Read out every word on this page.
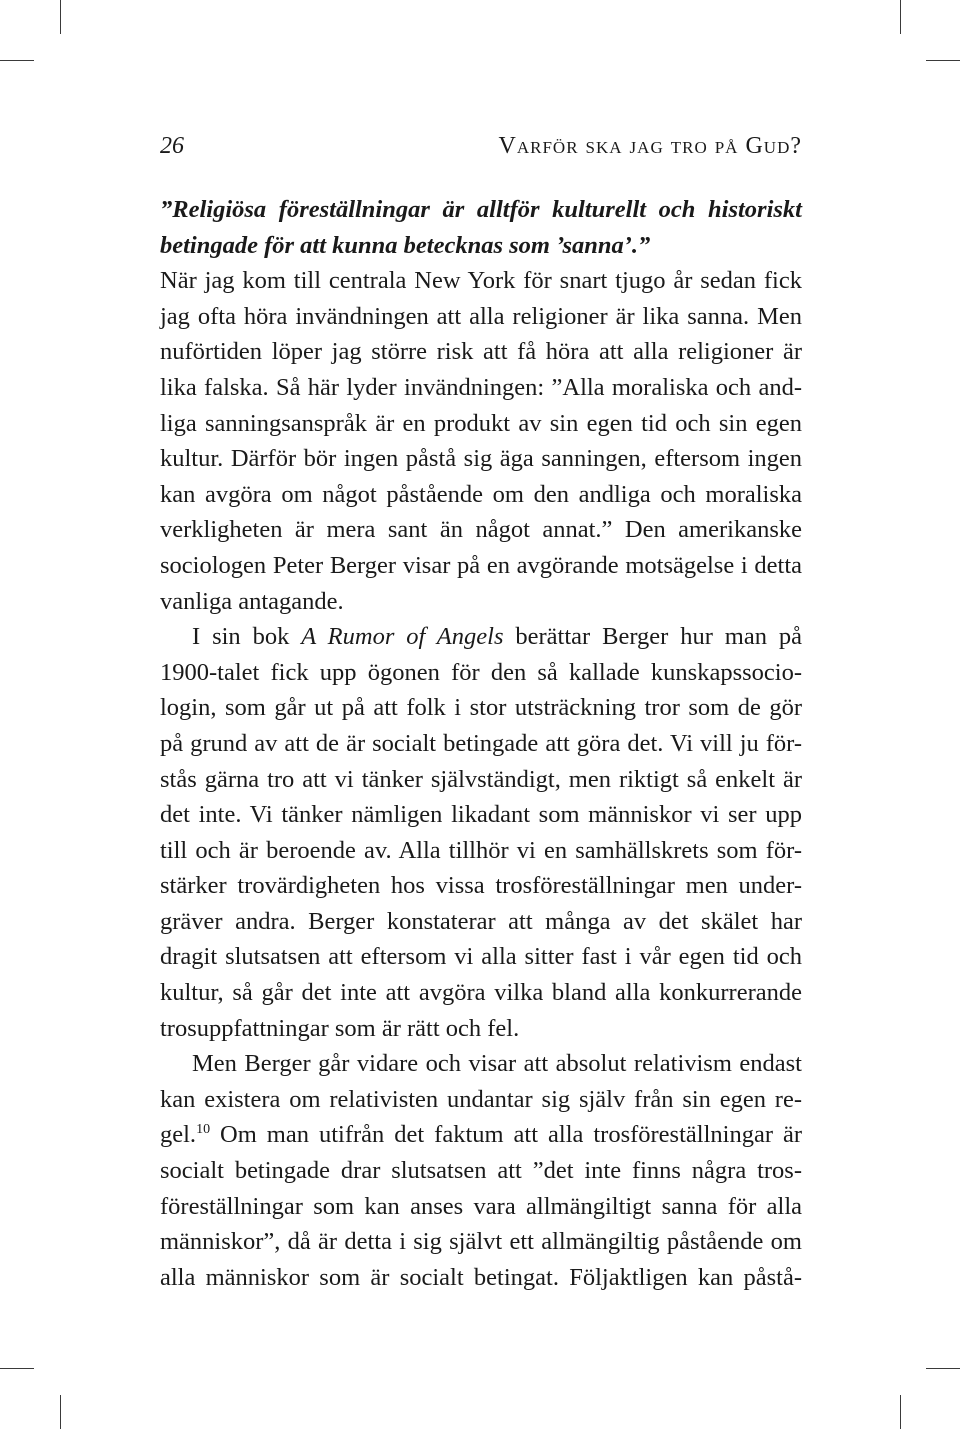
26	Varför ska jag tro på Gud?
”Religiösa föreställningar är alltför kulturellt och historiskt
betingade för att kunna betecknas som ’sanna’.”
När jag kom till centrala New York för snart tjugo år sedan fick
jag ofta höra invändningen att alla religioner är lika sanna. Men
nuförtiden löper jag större risk att få höra att alla religioner är
lika falska. Så här lyder invändningen: ”Alla moraliska och and-
liga sanningsanspråk är en produkt av sin egen tid och sin egen
kultur. Därför bör ingen påstå sig äga sanningen, eftersom ingen
kan avgöra om något påstående om den andliga och moraliska
verkligheten är mera sant än något annat.” Den amerikanske
sociologen Peter Berger visar på en avgörande motsägelse i detta
vanliga antagande.
I sin bok A Rumor of Angels berättar Berger hur man på
1900-talet fick upp ögonen för den så kallade kunskapssocio-
login, som går ut på att folk i stor utsträckning tror som de gör
på grund av att de är socialt betingade att göra det. Vi vill ju för-
stås gärna tro att vi tänker självständigt, men riktigt så enkelt är
det inte. Vi tänker nämligen likadant som människor vi ser upp
till och är beroende av. Alla tillhör vi en samhällskrets som för-
stärker trovärdigheten hos vissa trosföreställningar men under-
gräver andra. Berger konstaterar att många av det skälet har
dragit slutsatsen att eftersom vi alla sitter fast i vår egen tid och
kultur, så går det inte att avgöra vilka bland alla konkurrerande
trosuppfattningar som är rätt och fel.
Men Berger går vidare och visar att absolut relativism endast
kan existera om relativisten undantar sig själv från sin egen re-
gel.$^{10}$ Om man utifrån det faktum att alla trosföreställningar är
socialt betingade drar slutsatsen att ”det inte finns några tros-
föreställningar som kan anses vara allmängiltigt sanna för alla
människor”, då är detta i sig självt ett allmängiltig påstående om
alla människor som är socialt betingat. Följaktligen kan påstå-
